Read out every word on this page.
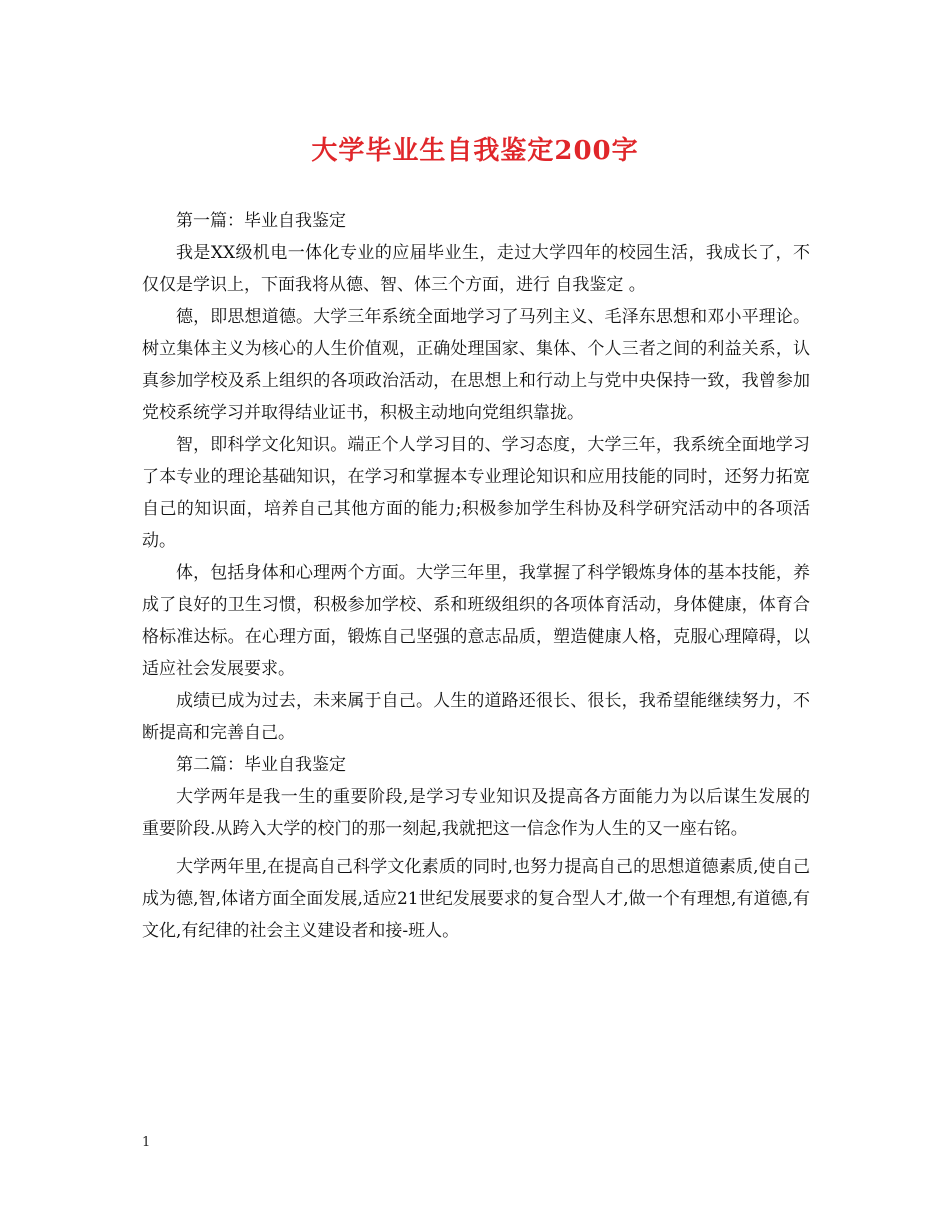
大学毕业生自我鉴定200字

第一篇：毕业自我鉴定

我是XX级机电一体化专业的应届毕业生，走过大学四年的校园生活，我成长了，不仅仅是学识上，下面我将从德、智、体三个方面，进行 自我鉴定 。

德，即思想道德。大学三年系统全面地学习了马列主义、毛泽东思想和邓小平理论。树立集体主义为核心的人生价值观，正确处理国家、集体、个人三者之间的利益关系，认真参加学校及系上组织的各项政治活动，在思想上和行动上与党中央保持一致，我曾参加党校系统学习并取得结业证书，积极主动地向党组织靠拢。

智，即科学文化知识。端正个人学习目的、学习态度，大学三年，我系统全面地学习了本专业的理论基础知识，在学习和掌握本专业理论知识和应用技能的同时，还努力拓宽自己的知识面，培养自己其他方面的能力;积极参加学生科协及科学研究活动中的各项活动。

体，包括身体和心理两个方面。大学三年里，我掌握了科学锻炼身体的基本技能，养成了良好的卫生习惯，积极参加学校、系和班级组织的各项体育活动，身体健康，体育合格标准达标。在心理方面，锻炼自己坚强的意志品质，塑造健康人格，克服心理障碍，以适应社会发展要求。

成绩已成为过去，未来属于自己。人生的道路还很长、很长，我希望能继续努力，不断提高和完善自己。

第二篇：毕业自我鉴定

大学两年是我一生的重要阶段,是学习专业知识及提高各方面能力为以后谋生发展的重要阶段.从跨入大学的校门的那一刻起,我就把这一信念作为人生的又一座右铭。

大学两年里,在提高自己科学文化素质的同时,也努力提高自己的思想道德素质,使自己成为德,智,体诸方面全面发展,适应21世纪发展要求的复合型人才,做一个有理想,有道德,有文化,有纪律的社会主义建设者和接-班人。

1
